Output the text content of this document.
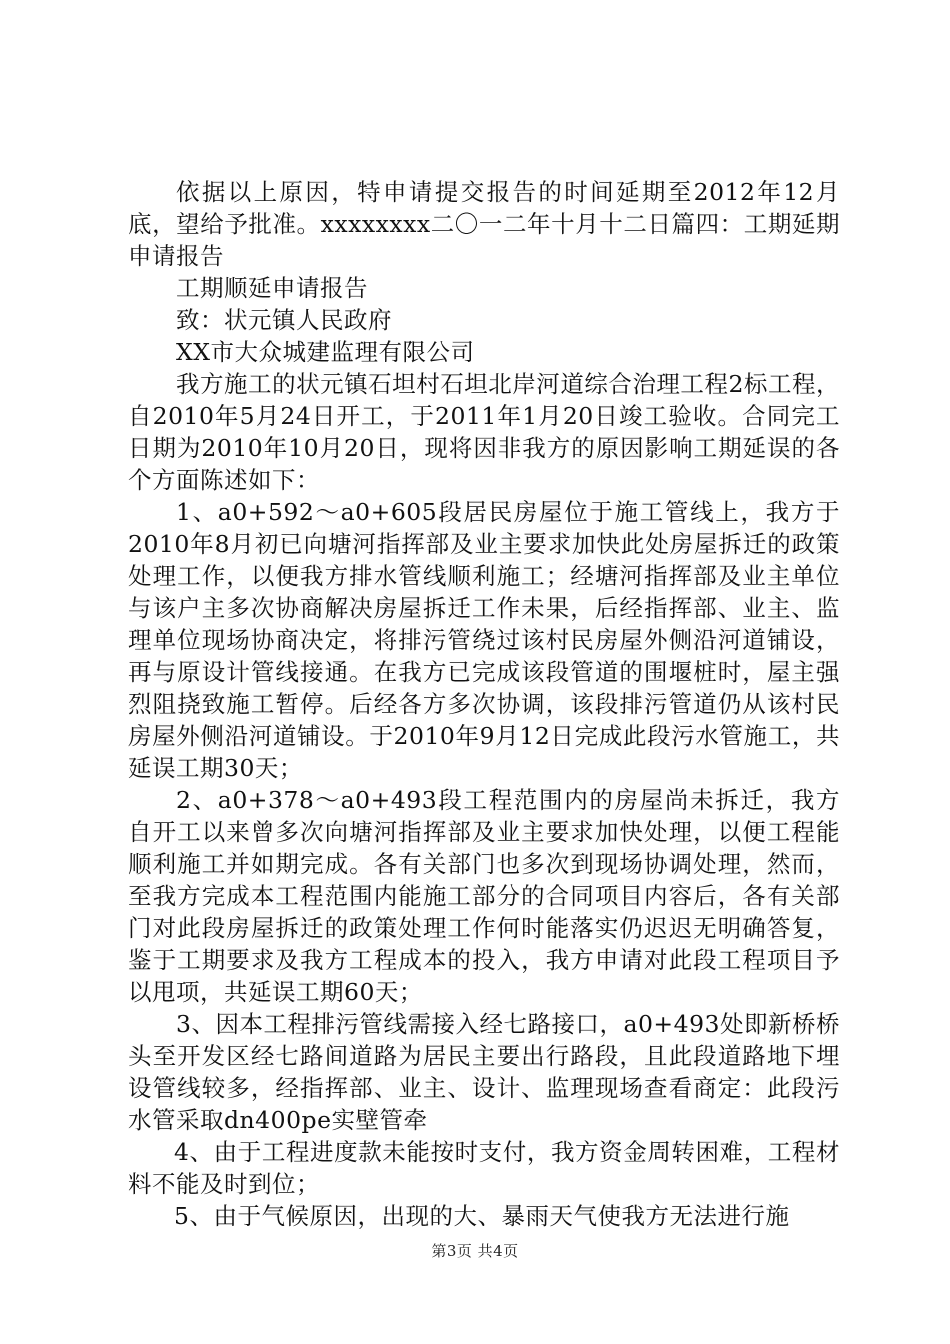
依据以上原因，特申请提交报告的时间延期至2012年12月底，望给予批准。xxxxxxxx二〇一二年十月十二日篇四：工期延期申请报告

工期顺延申请报告

致：状元镇人民政府

XX市大众城建监理有限公司

我方施工的状元镇石坦村石坦北岸河道综合治理工程2标工程，自2010年5月24日开工，于2011年1月20日竣工验收。合同完工日期为2010年10月20日，现将因非我方的原因影响工期延误的各个方面陈述如下：

1、a0+592～a0+605段居民房屋位于施工管线上，我方于2010年8月初已向塘河指挥部及业主要求加快此处房屋拆迁的政策处理工作，以便我方排水管线顺利施工；经塘河指挥部及业主单位与该户主多次协商解决房屋拆迁工作未果，后经指挥部、业主、监理单位现场协商决定，将排污管绕过该村民房屋外侧沿河道铺设，再与原设计管线接通。在我方已完成该段管道的围堰桩时，屋主强烈阻挠致施工暂停。后经各方多次协调，该段排污管道仍从该村民房屋外侧沿河道铺设。于2010年9月12日完成此段污水管施工，共延误工期30天；

2、a0+378～a0+493段工程范围内的房屋尚未拆迁，我方自开工以来曾多次向塘河指挥部及业主要求加快处理，以便工程能顺利施工并如期完成。各有关部门也多次到现场协调处理，然而，至我方完成本工程范围内能施工部分的合同项目内容后，各有关部门对此段房屋拆迁的政策处理工作何时能落实仍迟迟无明确答复，鉴于工期要求及我方工程成本的投入，我方申请对此段工程项目予以甩项，共延误工期60天；

3、因本工程排污管线需接入经七路接口，a0+493处即新桥桥头至开发区经七路间道路为居民主要出行路段，且此段道路地下埋设管线较多，经指挥部、业主、设计、监理现场查看商定：此段污水管采取dn400pe实壁管牵

4、由于工程进度款未能按时支付，我方资金周转困难，工程材料不能及时到位；

5、由于气候原因，出现的大、暴雨天气使我方无法进行施

第3页 共4页
